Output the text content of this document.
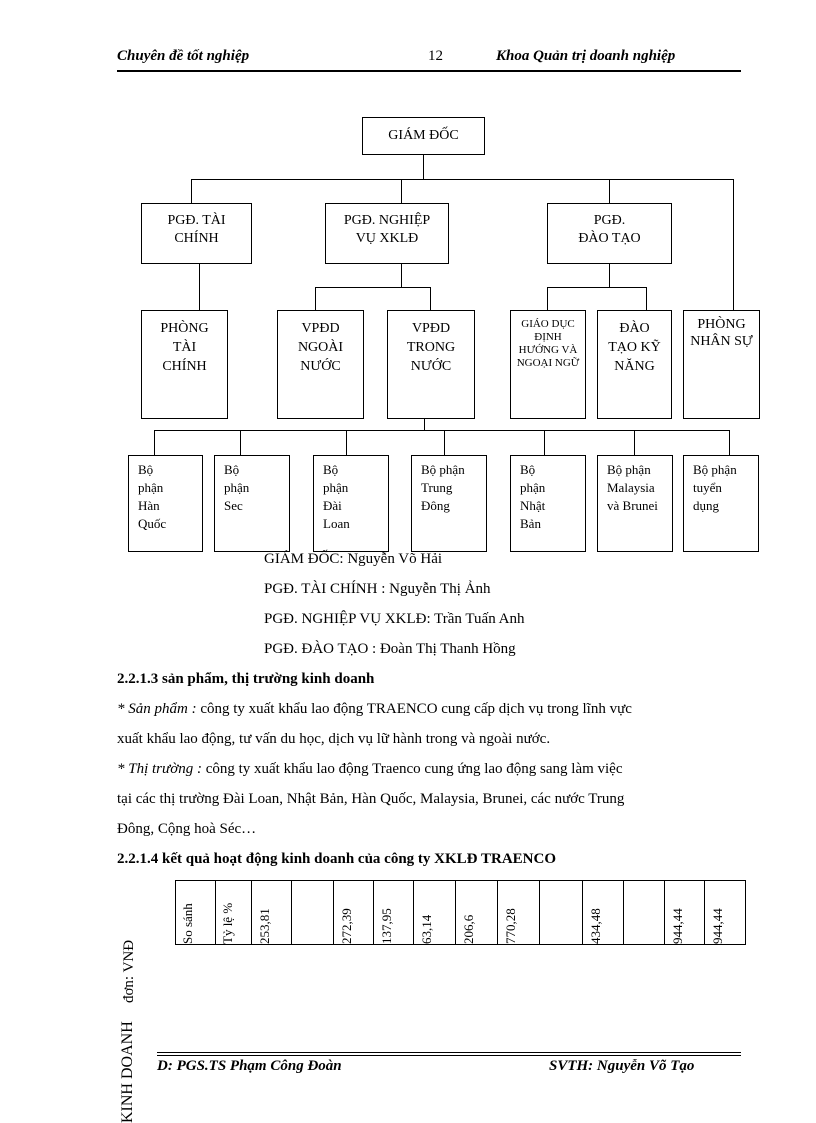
Chuyên đề tốt nghiệp	12	Khoa Quản trị doanh nghiệp
GIÁM ĐỐC
PGĐ. TÀI CHÍNH
PGĐ. NGHIỆP VỤ XKLĐ
PGĐ. ĐÀO TẠO
PHÒNG TÀI CHÍNH
VPĐD NGOÀI NƯỚC
VPĐD TRONG NƯỚC
GIÁO DỤC ĐỊNH HƯỚNG VÀ NGOẠI NGỮ
ĐÀO TẠO KỸ NĂNG
PHÒNG NHÂN SỰ
Bộ phận Hàn Quốc
Bộ phận Sec
Bộ phận Đài Loan
Bộ phận Trung Đông
Bộ phận Nhật Bản
Bộ phận Malaysia và Brunei
Bộ phận tuyển dụng
GIÁM ĐỐC: Nguyễn Võ Hải
PGĐ. TÀI CHÍNH : Nguyễn Thị Ảnh
PGĐ. NGHIỆP VỤ XKLĐ: Trần Tuấn Anh
PGĐ. ĐÀO TẠO : Đoàn Thị Thanh Hồng
2.2.1.3 sản phẩm, thị trường kinh doanh
* Sản phẩm : công ty xuất khẩu lao động TRAENCO cung cấp dịch vụ trong lĩnh vực
xuất khẩu lao động, tư vấn du học, dịch vụ lữ hành trong và ngoài nước.
* Thị trường : công ty xuất khẩu lao động Traenco cung ứng lao động sang làm việc
tại các thị trường Đài Loan, Nhật Bản, Hàn Quốc, Malaysia, Brunei, các nước Trung
Đông, Cộng hoà Séc…
2.2.1.4 kết quả hoạt động kinh doanh của công ty XKLĐ TRAENCO
So sánh Tỷ lệ % 253,81	272,39 137,95 63,14 206,6 770,28	434,48	944,44 944,44
đơn: VNĐ
KINH DOANH D: PGS.TS Phạm Công Đoàn	SVTH: Nguyễn Võ Tạo
